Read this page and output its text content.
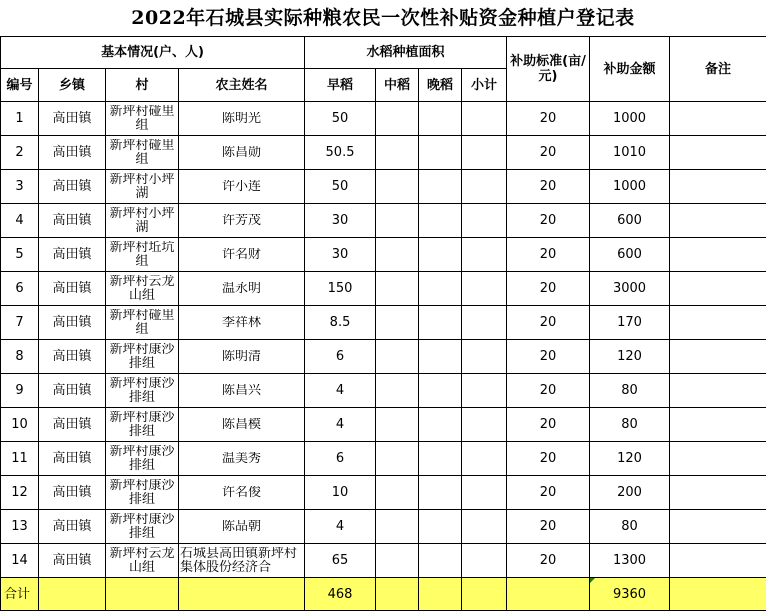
2022年石城县实际种粮农民一次性补贴资金种植户登记表
基本情况(户、人)				水稻种植面积				补助标准(亩/元)	补助金额	备注
编号	乡镇	村	农主姓名	早稻	中稻	晚稻	小计			
1	高田镇	新坪村碰里组	陈明光	50				20	1000	
2	高田镇	新坪村碰里组	陈昌勋	50.5				20	1010	
3	高田镇	新坪村小坪湖	许小连	50				20	1000	
4	高田镇	新坪村小坪湖	许芳茂	30				20	600	
5	高田镇	新坪村坵坑组	许名财	30				20	600	
6	高田镇	新坪村云龙山组	温永明	150				20	3000	
7	高田镇	新坪村碰里组	李祥林	8.5				20	170	
8	高田镇	新坪村康沙排组	陈明清	6				20	120	
9	高田镇	新坪村康沙排组	陈昌兴	4				20	80	
10	高田镇	新坪村康沙排组	陈昌模	4				20	80	
11	高田镇	新坪村康沙排组	温美秀	6				20	120	
12	高田镇	新坪村康沙排组	许名俊	10				20	200	
13	高田镇	新坪村康沙排组	陈品朝	4				20	80	
14	高田镇	新坪村云龙山组	石城县高田镇新坪村集体股份经济合	65				20	1300	
合计				468					9360	
